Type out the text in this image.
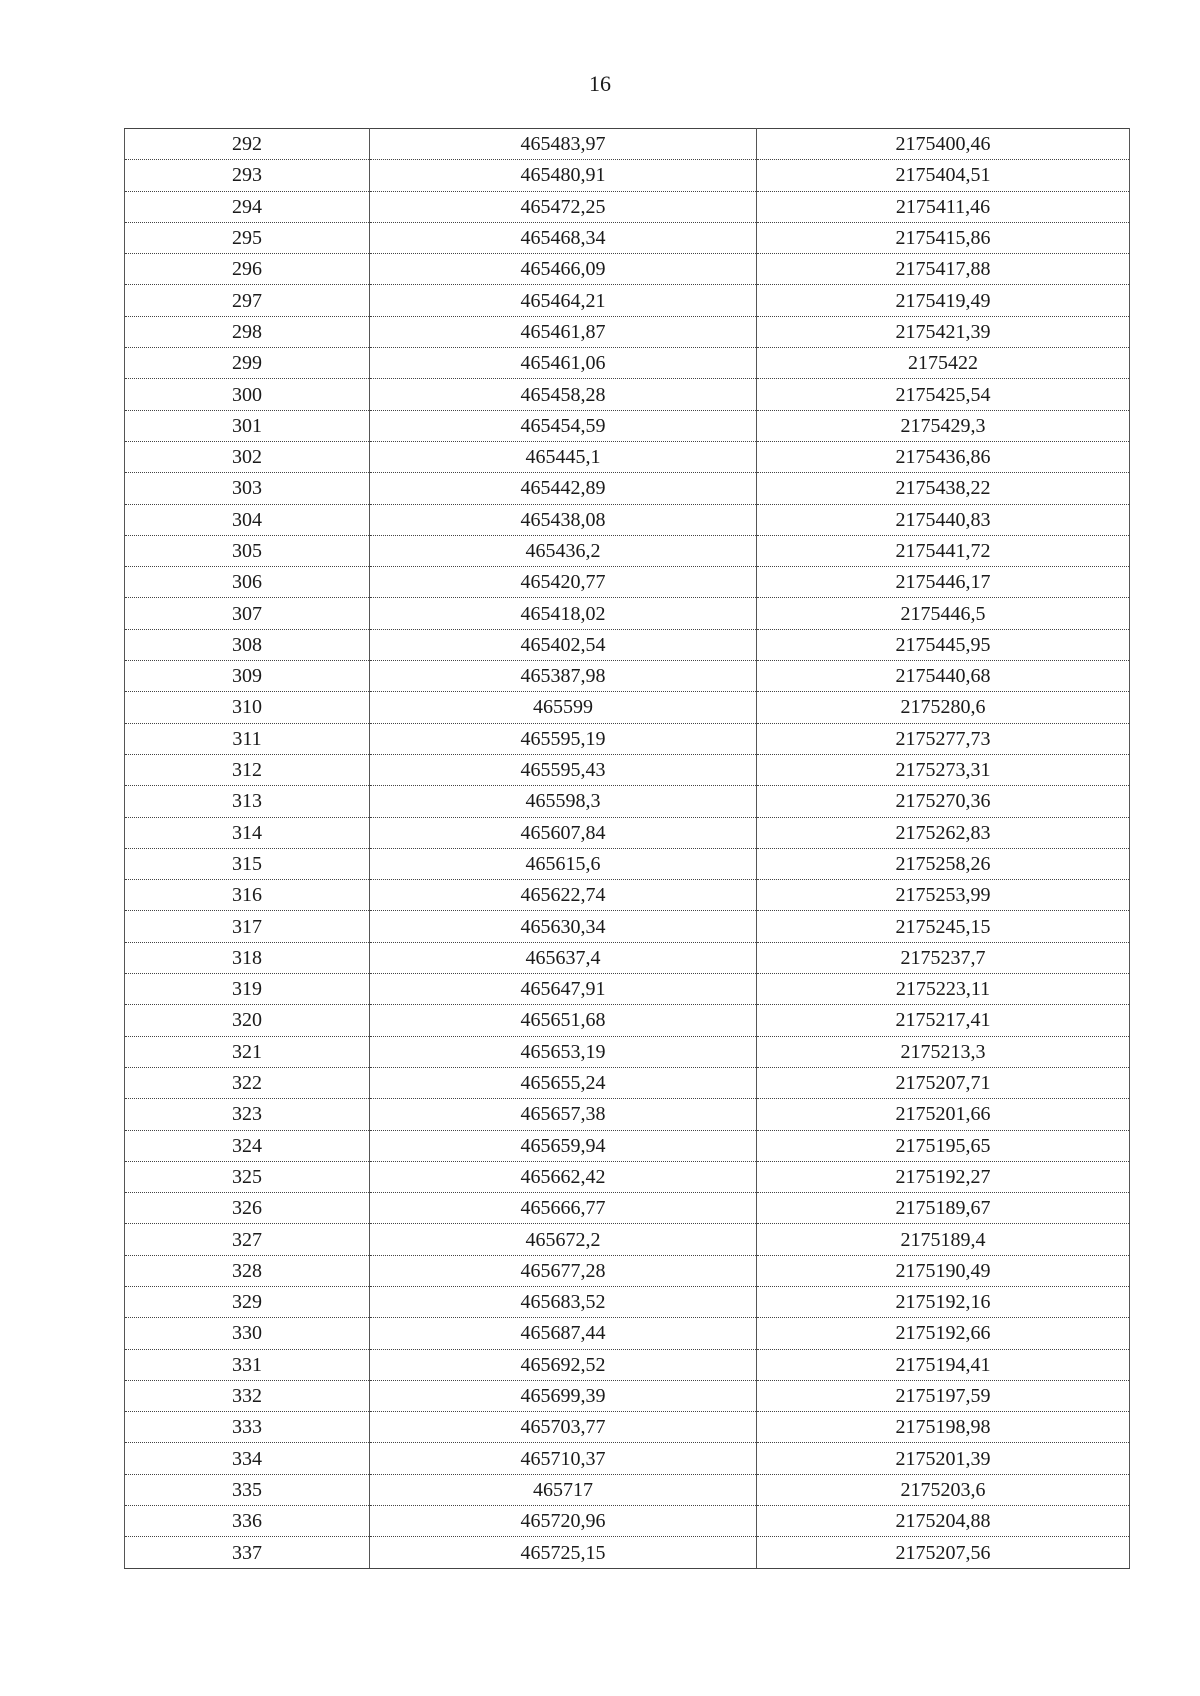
16
292	465483,97	2175400,46
293	465480,91	2175404,51
294	465472,25	2175411,46
295	465468,34	2175415,86
296	465466,09	2175417,88
297	465464,21	2175419,49
298	465461,87	2175421,39
299	465461,06	2175422
300	465458,28	2175425,54
301	465454,59	2175429,3
302	465445,1	2175436,86
303	465442,89	2175438,22
304	465438,08	2175440,83
305	465436,2	2175441,72
306	465420,77	2175446,17
307	465418,02	2175446,5
308	465402,54	2175445,95
309	465387,98	2175440,68
310	465599	2175280,6
311	465595,19	2175277,73
312	465595,43	2175273,31
313	465598,3	2175270,36
314	465607,84	2175262,83
315	465615,6	2175258,26
316	465622,74	2175253,99
317	465630,34	2175245,15
318	465637,4	2175237,7
319	465647,91	2175223,11
320	465651,68	2175217,41
321	465653,19	2175213,3
322	465655,24	2175207,71
323	465657,38	2175201,66
324	465659,94	2175195,65
325	465662,42	2175192,27
326	465666,77	2175189,67
327	465672,2	2175189,4
328	465677,28	2175190,49
329	465683,52	2175192,16
330	465687,44	2175192,66
331	465692,52	2175194,41
332	465699,39	2175197,59
333	465703,77	2175198,98
334	465710,37	2175201,39
335	465717	2175203,6
336	465720,96	2175204,88
337	465725,15	2175207,56
